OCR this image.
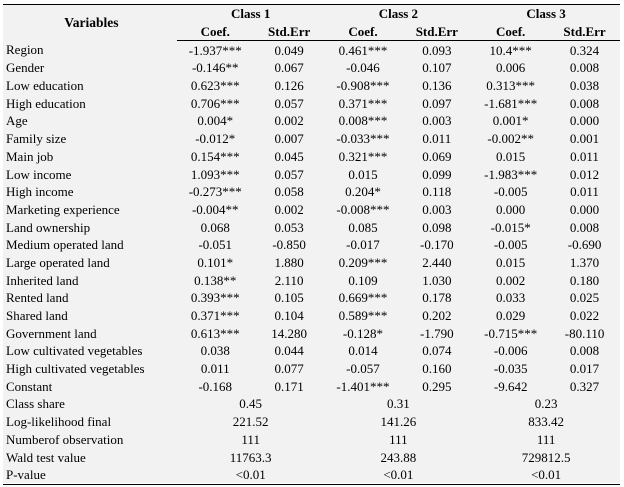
Variables	Class 1		Class 2		Class 3	
	Coef.	Std.Err	Coef.	Std.Err	Coef.	Std.Err
Region	-1.937***	0.049	0.461***	0.093	10.4***	0.324
Gender	-0.146**	0.067	-0.046	0.107	0.006	0.008
Low education	0.623***	0.126	-0.908***	0.136	0.313***	0.038
High education	0.706***	0.057	0.371***	0.097	-1.681***	0.008
Age	0.004*	0.002	0.008***	0.003	0.001*	0.000
Family size	-0.012*	0.007	-0.033***	0.011	-0.002**	0.001
Main job	0.154***	0.045	0.321***	0.069	0.015	0.011
Low income	1.093***	0.057	0.015	0.099	-1.983***	0.012
High income	-0.273***	0.058	0.204*	0.118	-0.005	0.011
Marketing experience	-0.004**	0.002	-0.008***	0.003	0.000	0.000
Land ownership	0.068	0.053	0.085	0.098	-0.015*	0.008
Medium operated land	-0.051	-0.850	-0.017	-0.170	-0.005	-0.690
Large operated land	0.101*	1.880	0.209***	2.440	0.015	1.370
Inherited land	0.138**	2.110	0.109	1.030	0.002	0.180
Rented land	0.393***	0.105	0.669***	0.178	0.033	0.025
Shared land	0.371***	0.104	0.589***	0.202	0.029	0.022
Government land	0.613***	14.280	-0.128*	-1.790	-0.715***	-80.110
Low cultivated vegetables	0.038	0.044	0.014	0.074	-0.006	0.008
High cultivated vegetables	0.011	0.077	-0.057	0.160	-0.035	0.017
Constant	-0.168	0.171	-1.401***	0.295	-9.642	0.327
Class share	0.45		0.31		0.23	
Log-likelihood final	221.52		141.26		833.42	
Numberof observation	111		111		111	
Wald test value	11763.3		243.88		729812.5	
P-value	<0.01		<0.01		<0.01	
